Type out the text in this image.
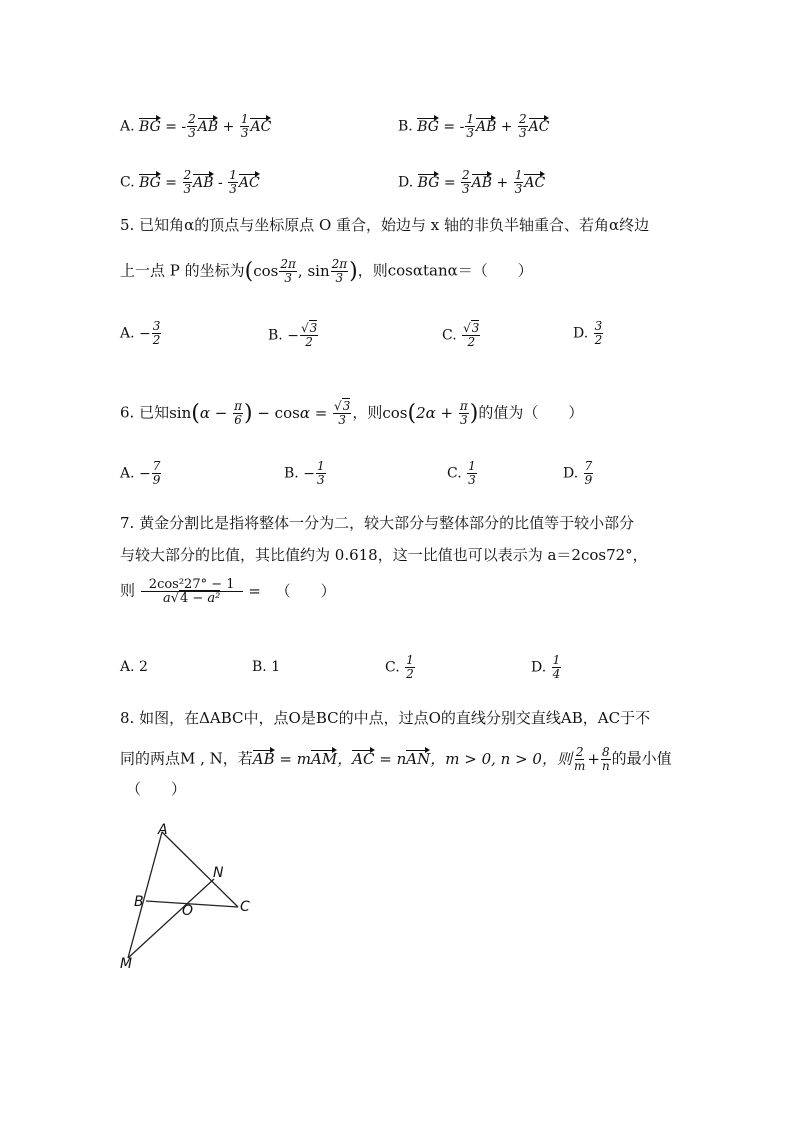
A. BG = - $\frac{2}{3}$ AB + $\frac{1}{3}$ AC	B. BG = - $\frac{1}{3}$ AB + $\frac{2}{3}$ AC
C. BG = $\frac{2}{3}$ AB - $\frac{1}{3}$ AC	D. BG = $\frac{2}{3}$ AB + $\frac{1}{3}$ AC
5. 已知角α的顶点与坐标原点 O 重合，始边与 x 轴的非负半轴重合、若角α终边
上一点 P 的坐标为($\cos \frac{2\pi}{3}$ , $\sin \frac{2\pi}{3}$ )，则cosαtanα＝（　　）
A. − $\frac{3}{2}$	B. − $\frac{√3}{2}$	C. $\frac{√3}{2}$	D. $\frac{3}{2}$
6. 已知$\sin(\alpha - \frac{\pi}{6}$ ) − $\cos\alpha = \frac{√3}{3}$ ，则$\cos(2\alpha + \frac{\pi}{3}$ )的值为（　　）
A. − $\frac{7}{9}$	B. − $\frac{1}{3}$	C. $\frac{1}{3}$	D. $\frac{7}{9}$
7. 黄金分割比是指将整体一分为二，较大部分与整体部分的比值等于较小部分
与较大部分的比值，其比值约为 0.618，这一比值也可以表示为 a＝2cos72°，
则 $\frac{\text{2cos²27° − 1}}{\text{a√4 − a²}}$ = （　　）
A. 2	B. 1	C. $\frac{1}{2}$	D. $\frac{1}{4}$
8. 如图，在ΔABC中，点O是BC的中点，过点O的直线分别交直线AB，AC于不
同的两点M , N，若AB = mAM，AC = nAN，m > 0, n > 0，则 $\frac{2}{m} + \frac{8}{n}$ 的最小值
（　　）
A
B	C
N
O
M
